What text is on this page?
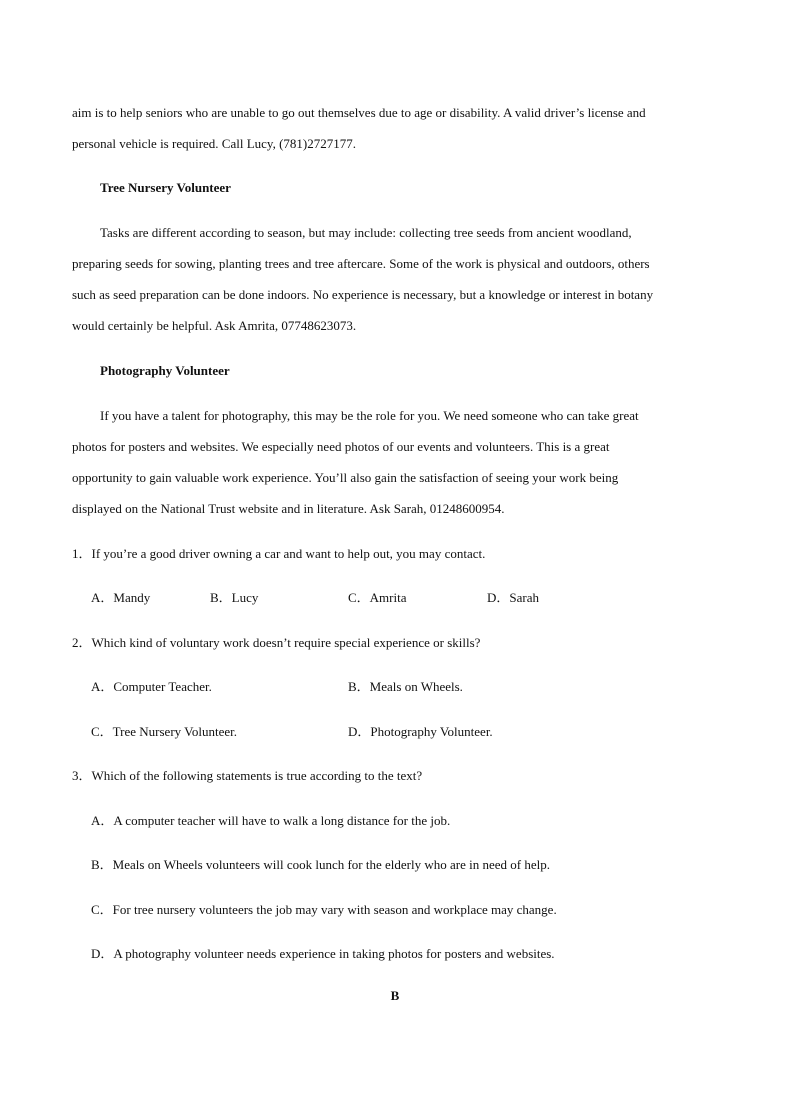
aim is to help seniors who are unable to go out themselves due to age or disability. A valid driver’s license and
personal vehicle is required. Call Lucy, (781)2727177.
Tree Nursery Volunteer
Tasks are different according to season, but may include: collecting tree seeds from ancient woodland,
preparing seeds for sowing, planting trees and tree aftercare. Some of the work is physical and outdoors, others
such as seed preparation can be done indoors. No experience is necessary, but a knowledge or interest in botany
would certainly be helpful. Ask Amrita, 07748623073.
Photography Volunteer
If you have a talent for photography, this may be the role for you. We need someone who can take great
photos for posters and websites. We especially need photos of our events and volunteers. This is a great
opportunity to gain valuable work experience. You’ll also gain the satisfaction of seeing your work being
displayed on the National Trust website and in literature. Ask Sarah, 01248600954.
1．If you’re a good driver owning a car and want to help out, you may contact.
A．Mandy	B．Lucy	C．Amrita	D．Sarah
2．Which kind of voluntary work doesn’t require special experience or skills?
A．Computer Teacher.	B．Meals on Wheels.
C．Tree Nursery Volunteer.	D．Photography Volunteer.
3．Which of the following statements is true according to the text?
A．A computer teacher will have to walk a long distance for the job.
B．Meals on Wheels volunteers will cook lunch for the elderly who are in need of help.
C．For tree nursery volunteers the job may vary with season and workplace may change.
D．A photography volunteer needs experience in taking photos for posters and websites.
B
